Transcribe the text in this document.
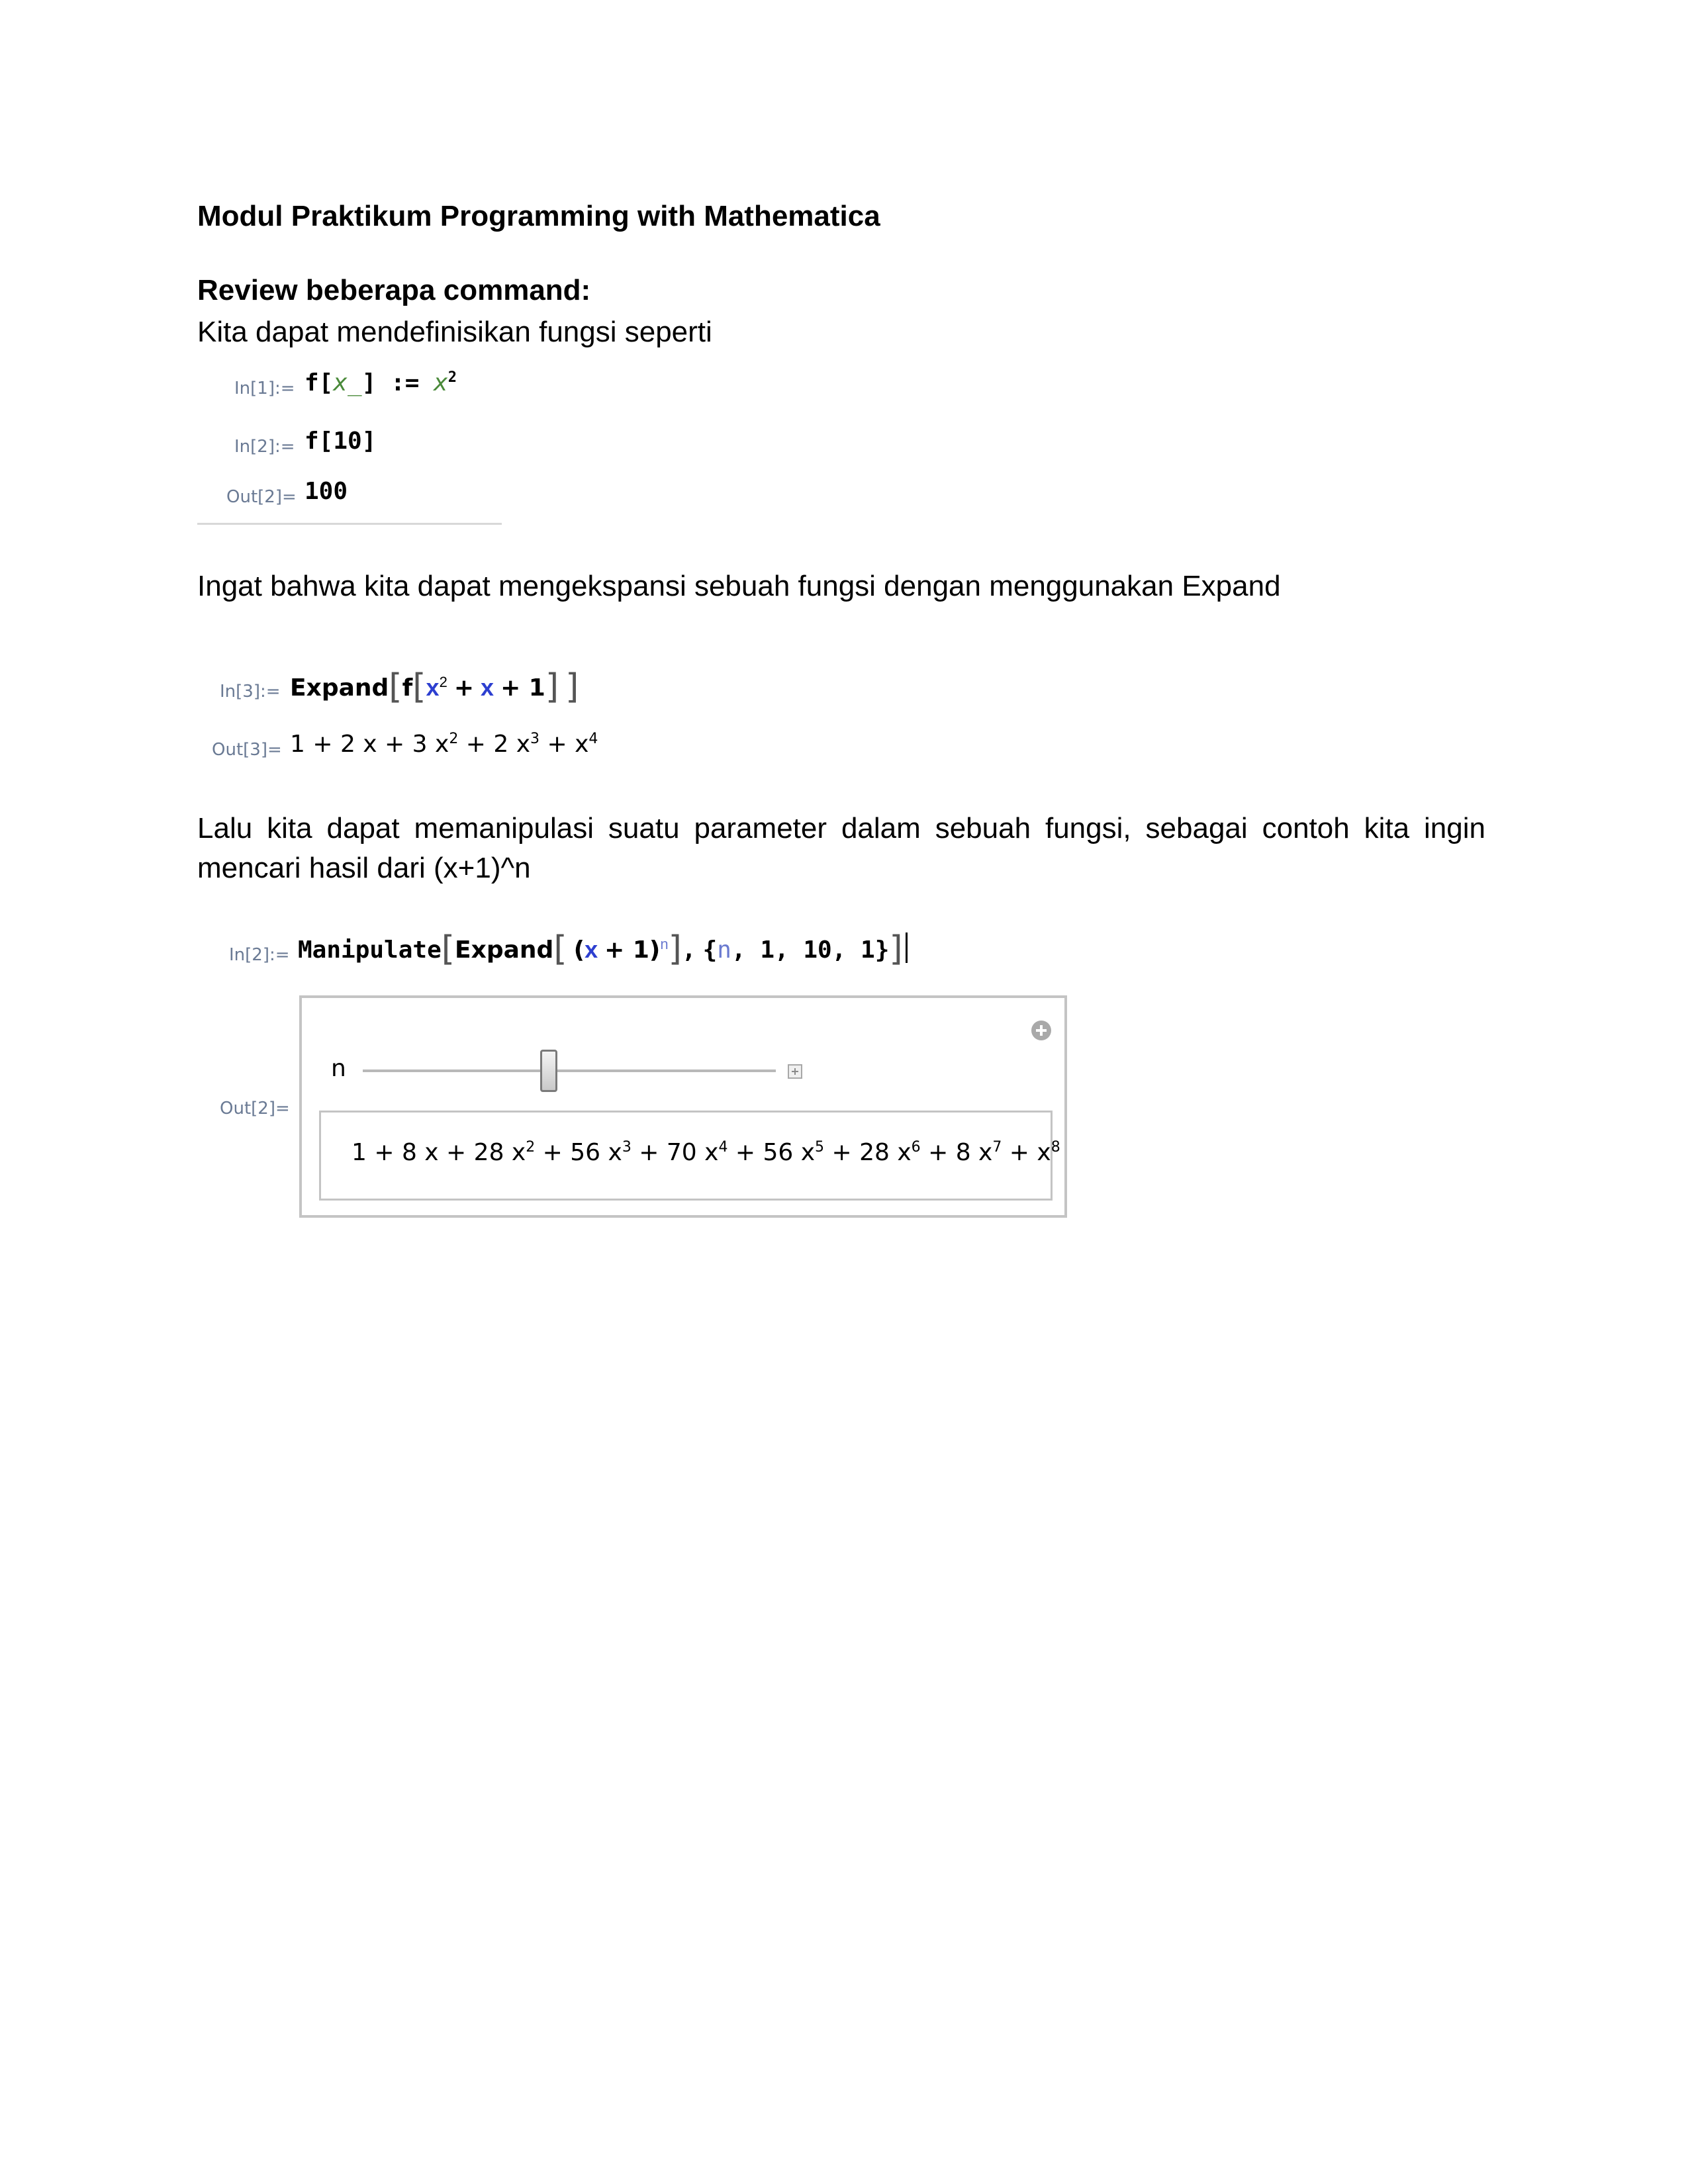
Modul Praktikum Programming with Mathematica
Review beberapa command:
Kita dapat mendefinisikan fungsi seperti
In[1]:= f[x_] := $x^2$
In[2]:= f[10]
Out[2]= 100
Ingat bahwa kita dapat mengekspansi sebuah fungsi dengan menggunakan Expand
In[3]:= $Expand[f[x^2 + x + 1]$ ]
Out[3]= 1 + 2 x + 3 $x^2 + 2$ $x^3 + x^4$
Lalu kita dapat memanipulasi suatu parameter dalam sebuah fungsi, sebagai contoh kita ingin
mencari hasil dari (x+1)^n
In[2]:= Manipulate[Expand[ $(x + 1)^n$], {n, 1, 10, 1}]
Out[2]=
n
1 + 8 x + 28 $x^2 + 56$ $x^3 + 70$ $x^4 + 56$ $x^5 + 28$ $x^6 + 8$ $x^7 + x^8$
